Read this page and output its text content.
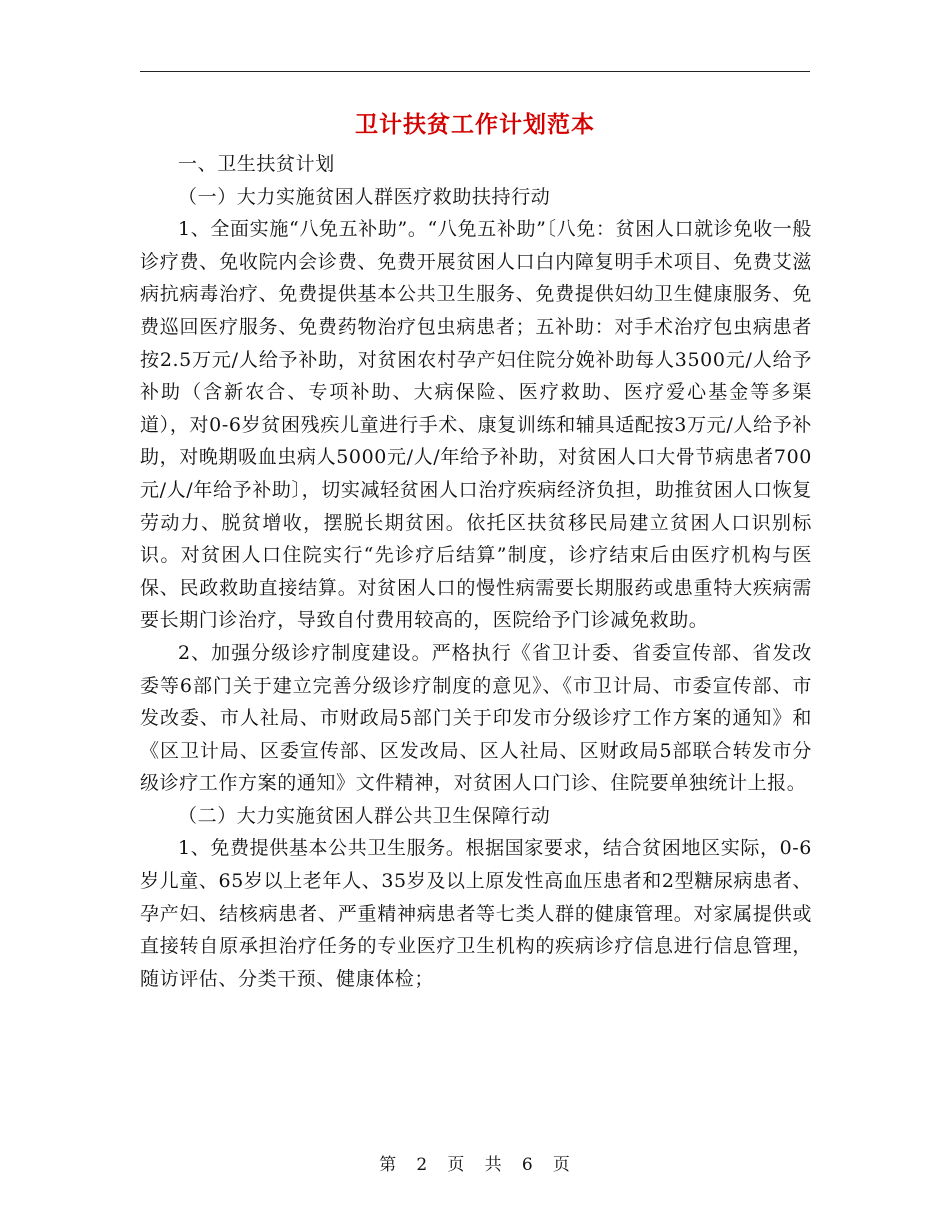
卫计扶贫工作计划范本

一、卫生扶贫计划

（一）大力实施贫困人群医疗救助扶持行动

1、全面实施“八免五补助”。“八免五补助”〔八免：贫困人口就诊免收一般诊疗费、免收院内会诊费、免费开展贫困人口白内障复明手术项目、免费艾滋病抗病毒治疗、免费提供基本公共卫生服务、免费提供妇幼卫生健康服务、免费巡回医疗服务、免费药物治疗包虫病患者；五补助：对手术治疗包虫病患者按2.5万元/人给予补助，对贫困农村孕产妇住院分娩补助每人3500元/人给予补助（含新农合、专项补助、大病保险、医疗救助、医疗爱心基金等多渠道），对0-6岁贫困残疾儿童进行手术、康复训练和辅具适配按3万元/人给予补助，对晚期吸血虫病人5000元/人/年给予补助，对贫困人口大骨节病患者700元/人/年给予补助〕，切实减轻贫困人口治疗疾病经济负担，助推贫困人口恢复劳动力、脱贫增收，摆脱长期贫困。依托区扶贫移民局建立贫困人口识别标识。对贫困人口住院实行“先诊疗后结算”制度，诊疗结束后由医疗机构与医保、民政救助直接结算。对贫困人口的慢性病需要长期服药或患重特大疾病需要长期门诊治疗，导致自付费用较高的，医院给予门诊减免救助。

2、加强分级诊疗制度建设。严格执行《省卫计委、省委宣传部、省发改委等6部门关于建立完善分级诊疗制度的意见》、《市卫计局、市委宣传部、市发改委、市人社局、市财政局5部门关于印发市分级诊疗工作方案的通知》和《区卫计局、区委宣传部、区发改局、区人社局、区财政局5部联合转发市分级诊疗工作方案的通知》文件精神，对贫困人口门诊、住院要单独统计上报。

（二）大力实施贫困人群公共卫生保障行动

1、免费提供基本公共卫生服务。根据国家要求，结合贫困地区实际，0-6岁儿童、65岁以上老年人、35岁及以上原发性高血压患者和2型糖尿病患者、孕产妇、结核病患者、严重精神病患者等七类人群的健康管理。对家属提供或直接转自原承担治疗任务的专业医疗卫生机构的疾病诊疗信息进行信息管理，随访评估、分类干预、健康体检；

第 2 页 共 6 页
